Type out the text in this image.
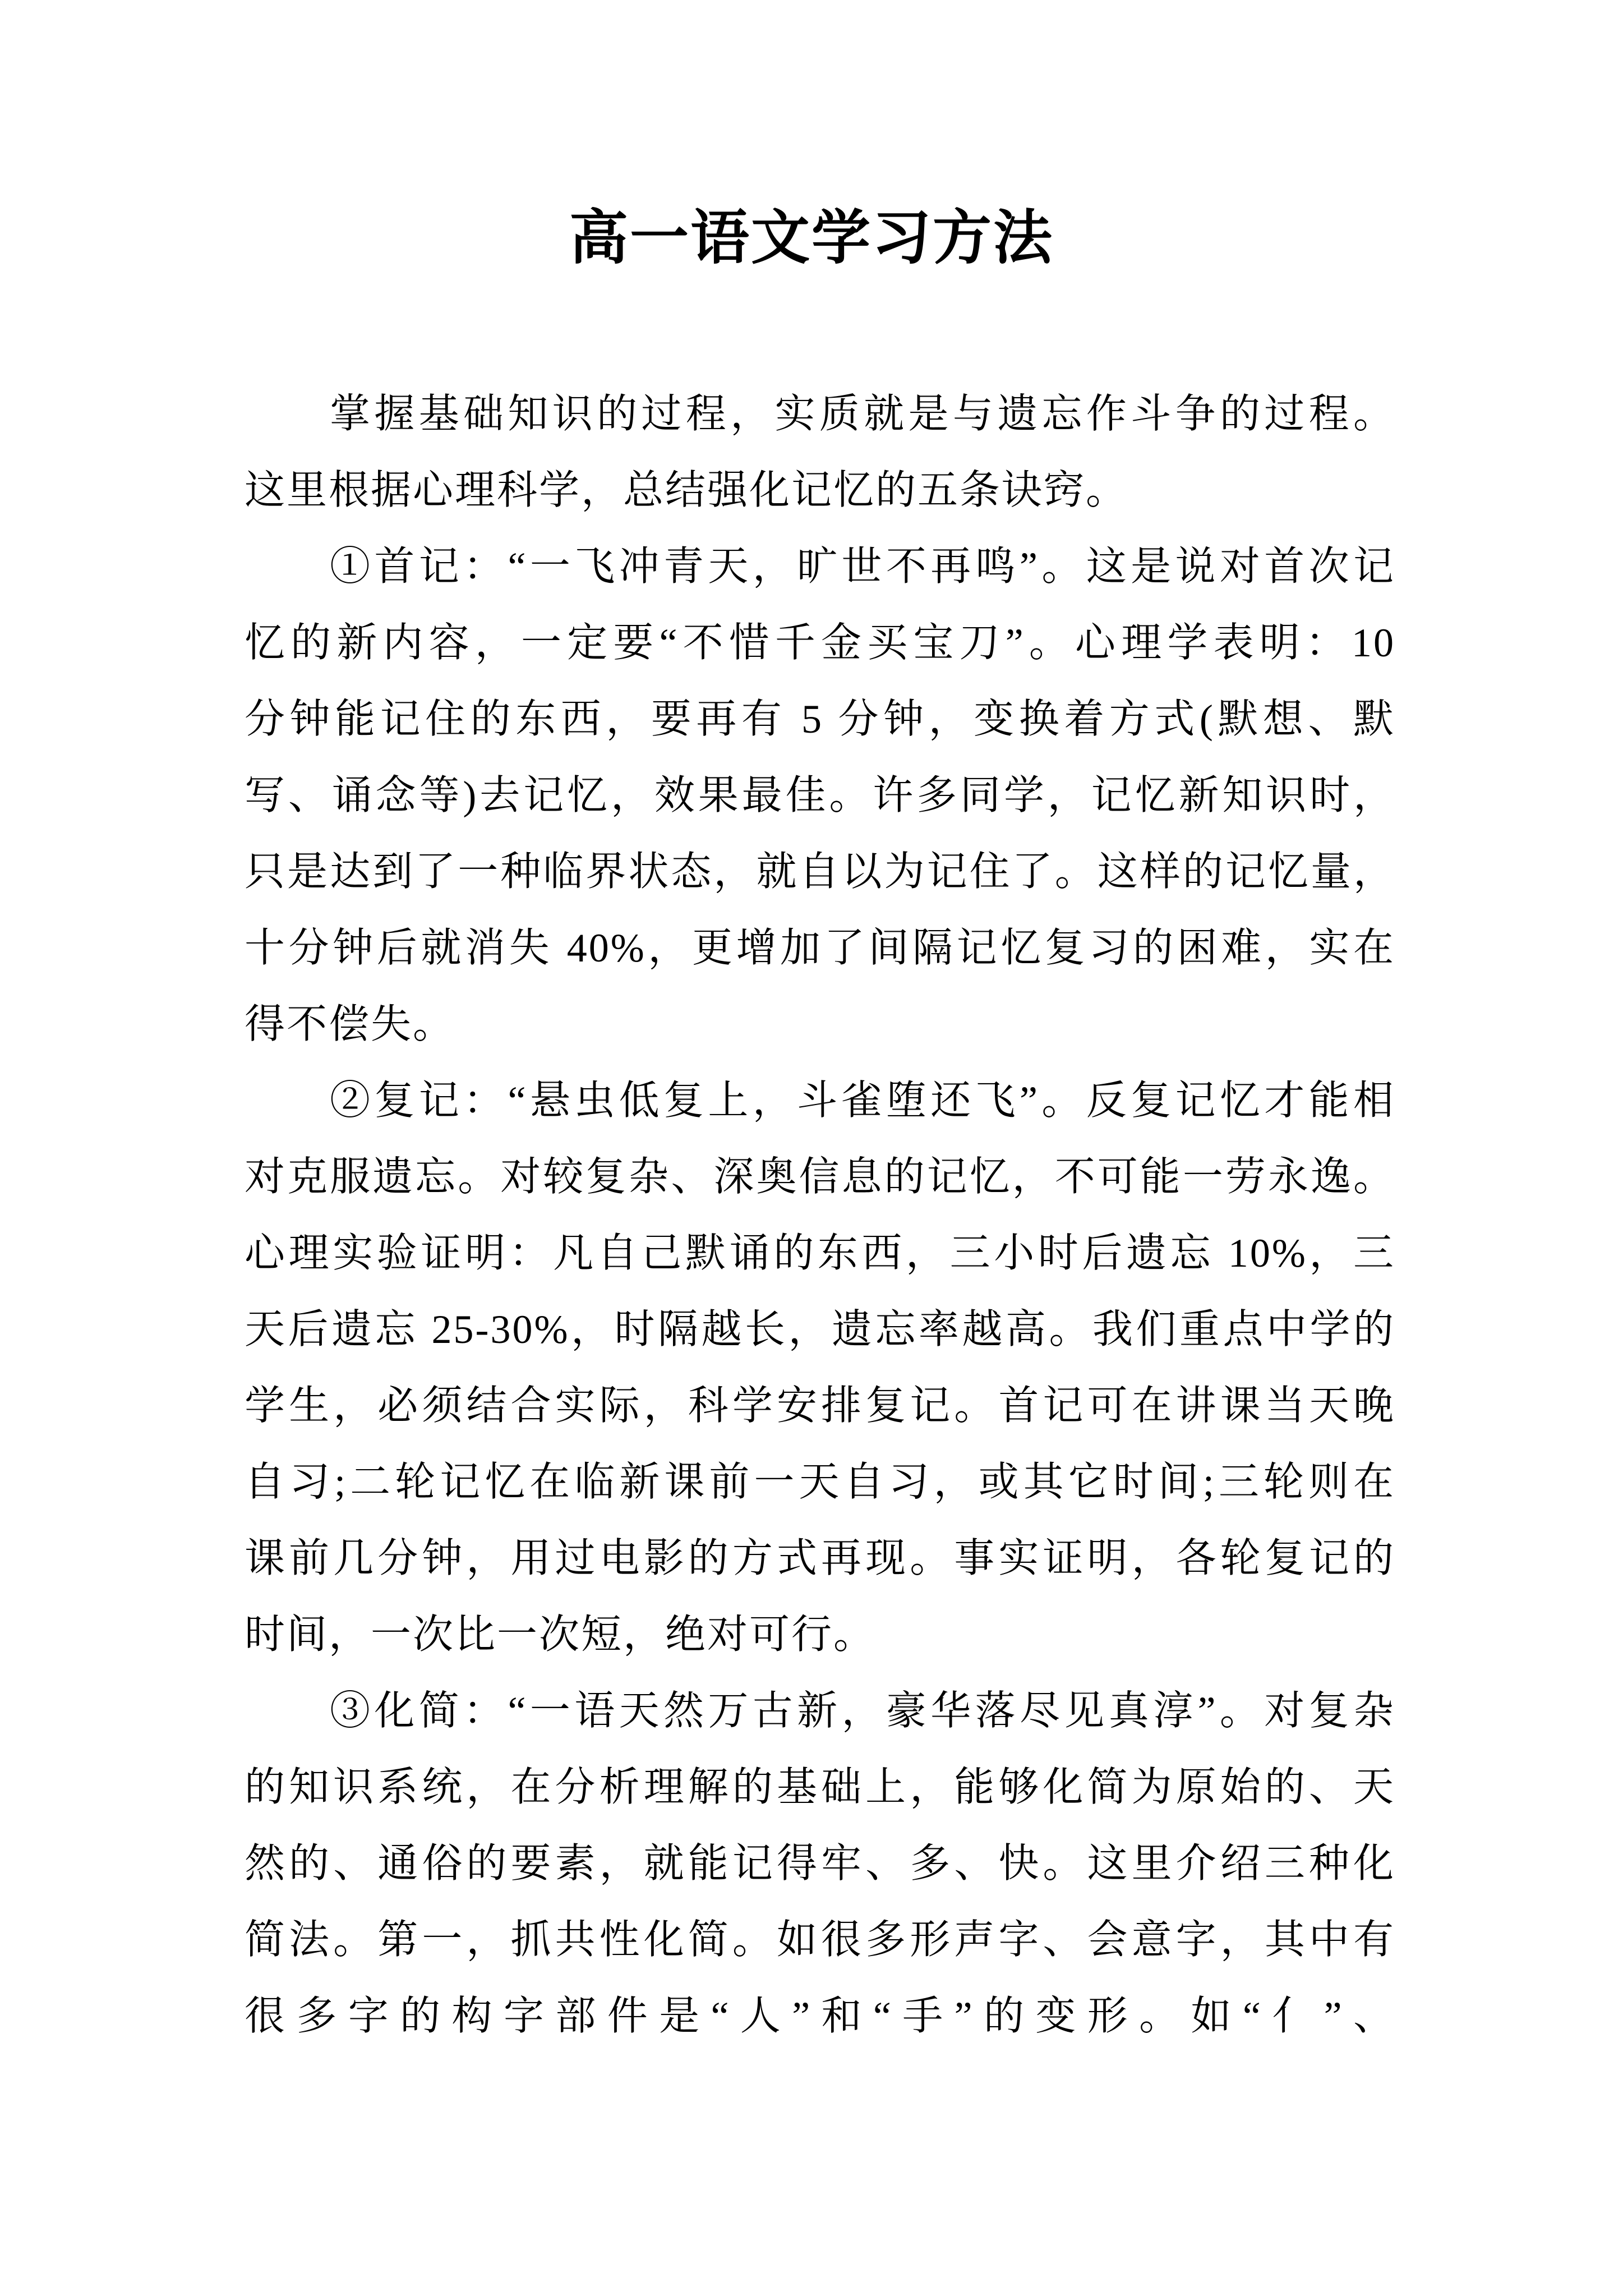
高一语文学习方法
掌握基础知识的过程，实质就是与遗忘作斗争的过程。
这里根据心理科学，总结强化记忆的五条诀窍。
①首记：“一飞冲青天，旷世不再鸣”。这是说对首次记
忆的新内容，一定要“不惜千金买宝刀”。心理学表明：10
分钟能记住的东西，要再有 5 分钟，变换着方式(默想、默
写、诵念等)去记忆，效果最佳。许多同学，记忆新知识时，
只是达到了一种临界状态，就自以为记住了。这样的记忆量，
十分钟后就消失 40%，更增加了间隔记忆复习的困难，实在
得不偿失。
②复记：“悬虫低复上，斗雀堕还飞”。反复记忆才能相
对克服遗忘。对较复杂、深奥信息的记忆，不可能一劳永逸。
心理实验证明：凡自己默诵的东西，三小时后遗忘 10%，三
天后遗忘 25-30%，时隔越长，遗忘率越高。我们重点中学的
学生，必须结合实际，科学安排复记。首记可在讲课当天晚
自习;二轮记忆在临新课前一天自习，或其它时间;三轮则在
课前几分钟，用过电影的方式再现。事实证明，各轮复记的
时间，一次比一次短，绝对可行。
③化简：“一语天然万古新，豪华落尽见真淳”。对复杂
的知识系统，在分析理解的基础上，能够化简为原始的、天
然的、通俗的要素，就能记得牢、多、快。这里介绍三种化
简法。第一，抓共性化简。如很多形声字、会意字，其中有
很多字的构字部件是“人”和“手”的变形。如“亻”、
